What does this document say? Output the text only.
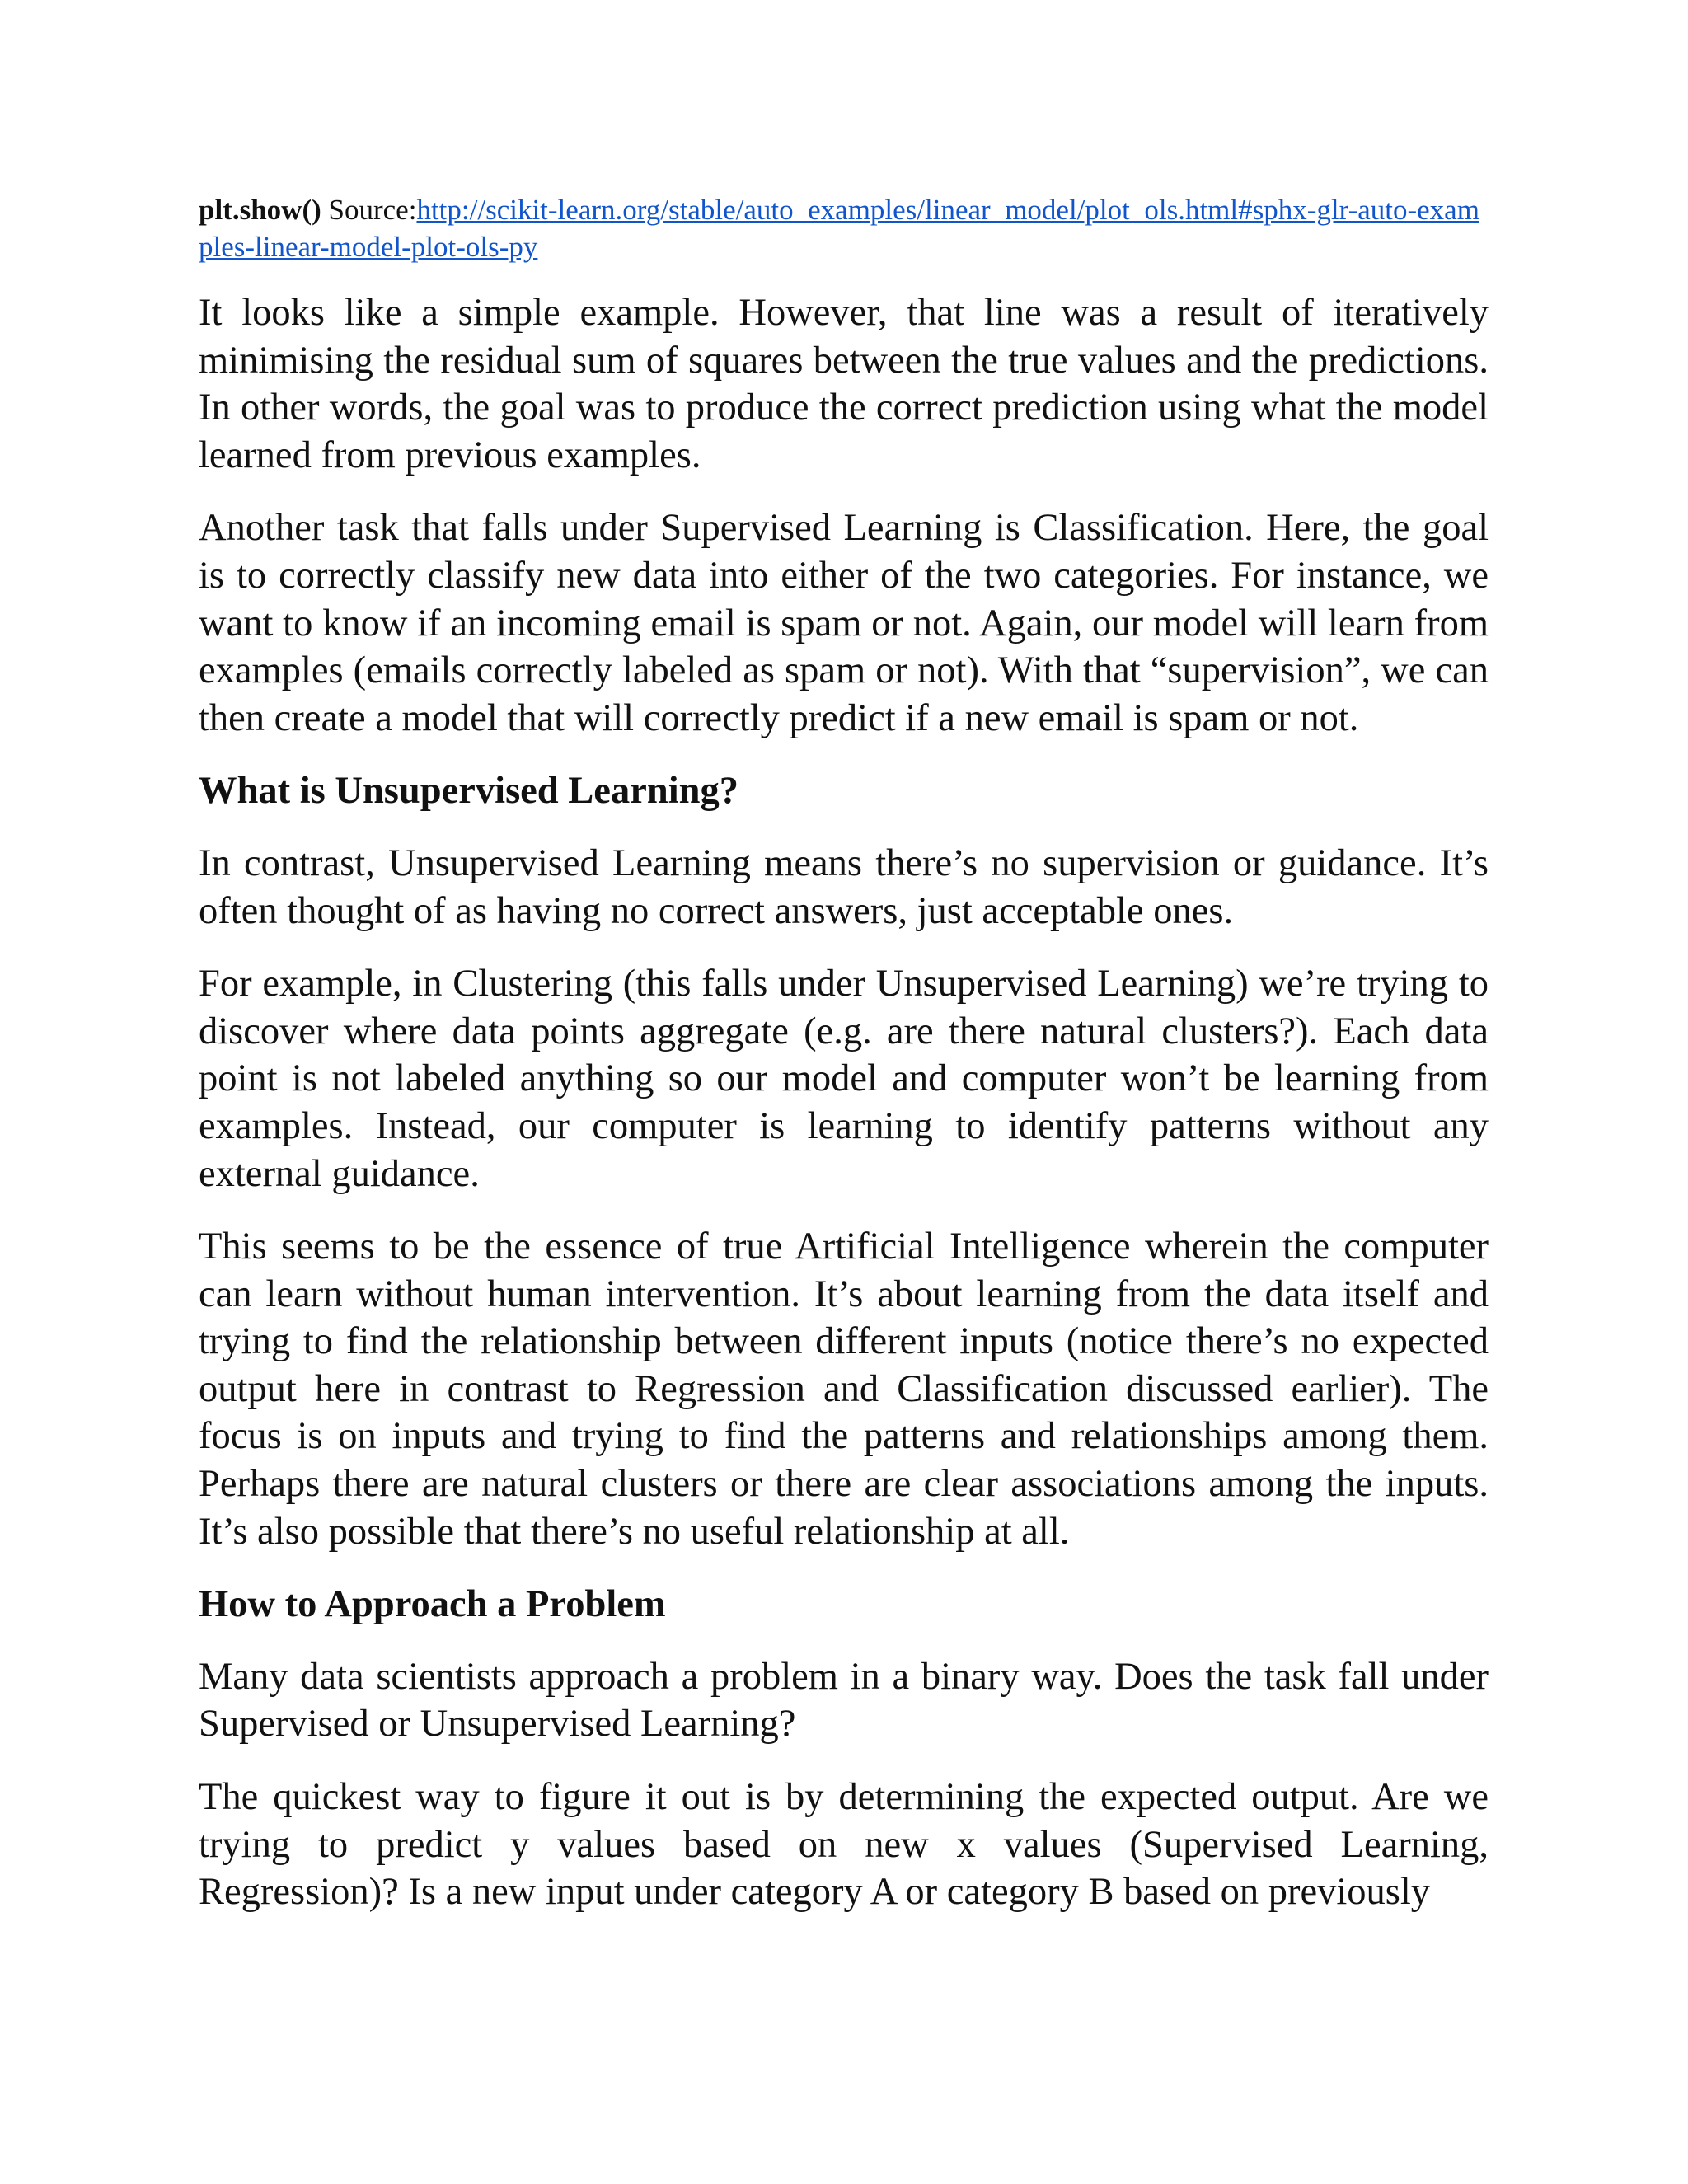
plt.show() Source:http://scikit-learn.org/stable/auto_examples/linear_model/plot_ols.html#sphx-glr-auto-examples-linear-model-plot-ols-py

It looks like a simple example. However, that line was a result of iteratively minimising the residual sum of squares between the true values and the predictions. In other words, the goal was to produce the correct prediction using what the model learned from previous examples.

Another task that falls under Supervised Learning is Classification. Here, the goal is to correctly classify new data into either of the two categories. For instance, we want to know if an incoming email is spam or not. Again, our model will learn from examples (emails correctly labeled as spam or not). With that “supervision”, we can then create a model that will correctly predict if a new email is spam or not.

What is Unsupervised Learning?

In contrast, Unsupervised Learning means there’s no supervision or guidance. It’s often thought of as having no correct answers, just acceptable ones.

For example, in Clustering (this falls under Unsupervised Learning) we’re trying to discover where data points aggregate (e.g. are there natural clusters?). Each data point is not labeled anything so our model and computer won’t be learning from examples. Instead, our computer is learning to identify patterns without any external guidance.

This seems to be the essence of true Artificial Intelligence wherein the computer can learn without human intervention. It’s about learning from the data itself and trying to find the relationship between different inputs (notice there’s no expected output here in contrast to Regression and Classification discussed earlier). The focus is on inputs and trying to find the patterns and relationships among them. Perhaps there are natural clusters or there are clear associations among the inputs. It’s also possible that there’s no useful relationship at all.

How to Approach a Problem

Many data scientists approach a problem in a binary way. Does the task fall under Supervised or Unsupervised Learning?

The quickest way to figure it out is by determining the expected output. Are we trying to predict y values based on new x values (Supervised Learning, Regression)? Is a new input under category A or category B based on previously
